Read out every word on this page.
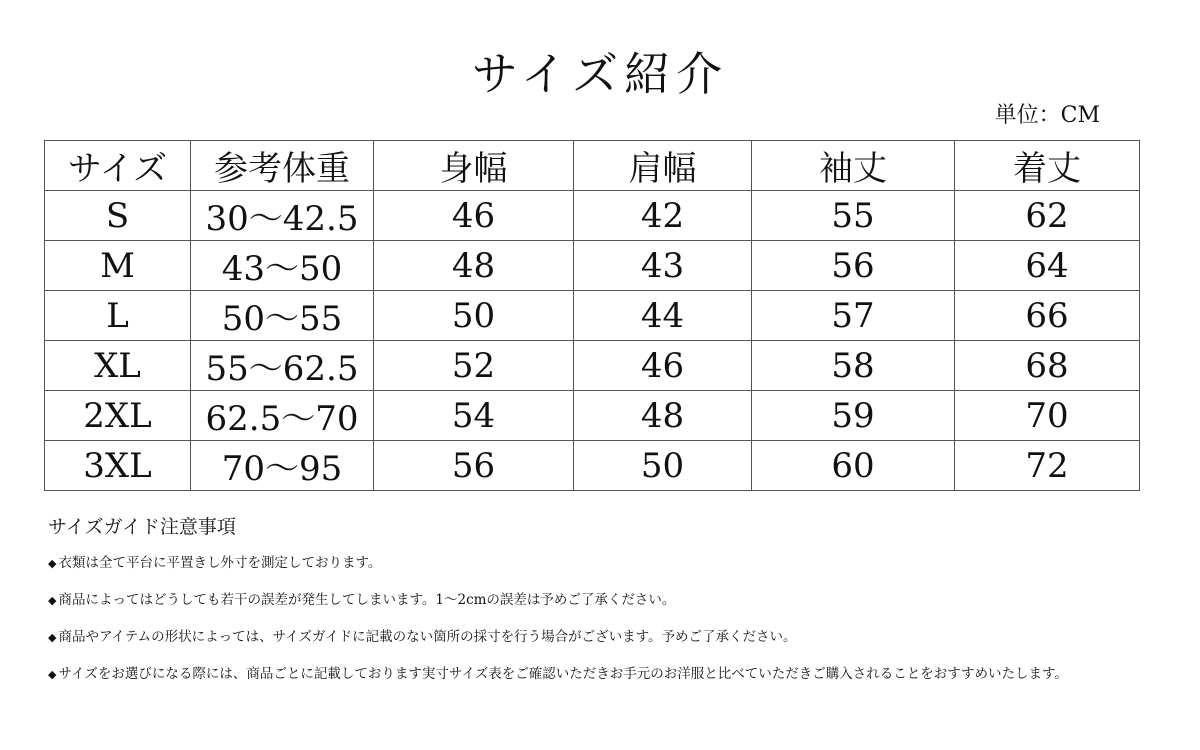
サイズ紹介
単位：CM
サイズ	参考体重	身幅	肩幅	袖丈	着丈
S	30～42.5	46	42	55	62
M	43～50	48	43	56	64
L	50～55	50	44	57	66
XL	55～62.5	52	46	58	68
2XL	62.5～70	54	48	59	70
3XL	70～95	56	50	60	72
サイズガイド注意事項
◆ 衣類は全て平台に平置きし外寸を測定しております。
◆ 商品によってはどうしても若干の誤差が発生してしまいます。1～2cmの誤差は予めご了承ください。
◆ 商品やアイテムの形状によっては、サイズガイドに記載のない箇所の採寸を行う場合がございます。予めご了承ください。
◆ サイズをお選びになる際には、商品ごとに記載しております実寸サイズ表をご確認いただきお手元のお洋服と比べていただきご購入されることをおすすめいたします。
